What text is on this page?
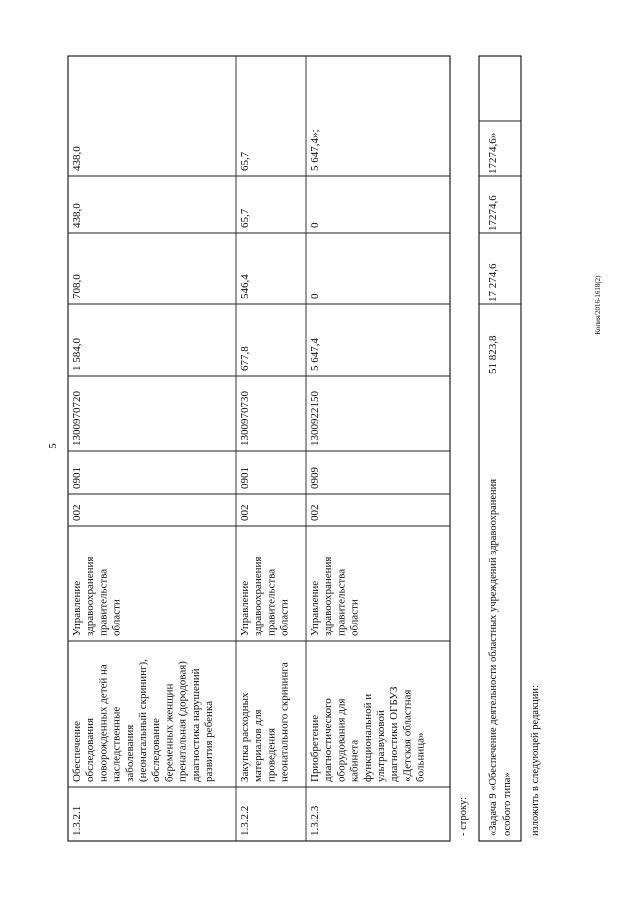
5
Копия/2016-1618(2)
1.3.2.1
Обеспечение обследования новорожденных детей на наследственные заболевания (неонатальный скрининг), обследование беременных женщин пренатальная (дородовая) диагностика нарушений развития ребенка
Управление здравоохранения правительства области
002
0901
1300970720
1 584,0
708,0
438,0
438,0
1.3.2.2
Закупка расходных материалов для проведения неонатального скрининга
Управление здравоохранения правительства области
002
0901
1300970730
677,8
546,4
65,7
65,7
1.3.2.3
Приобретение диагностического оборудования для кабинета функциональной и ультразвуковой диагностики ОГБУЗ «Детская областная больница»
Управление здравоохранения правительства области
002
0909
1300922150
5 647,4
0
0
5 647,4»;
- строку: «Задача 9 «Обеспечение деятельности областных учреждений здравоохранения особого типа»
51 823,8
17 274,6
17274,6
17274,6»
изложить в следующей редакции:
